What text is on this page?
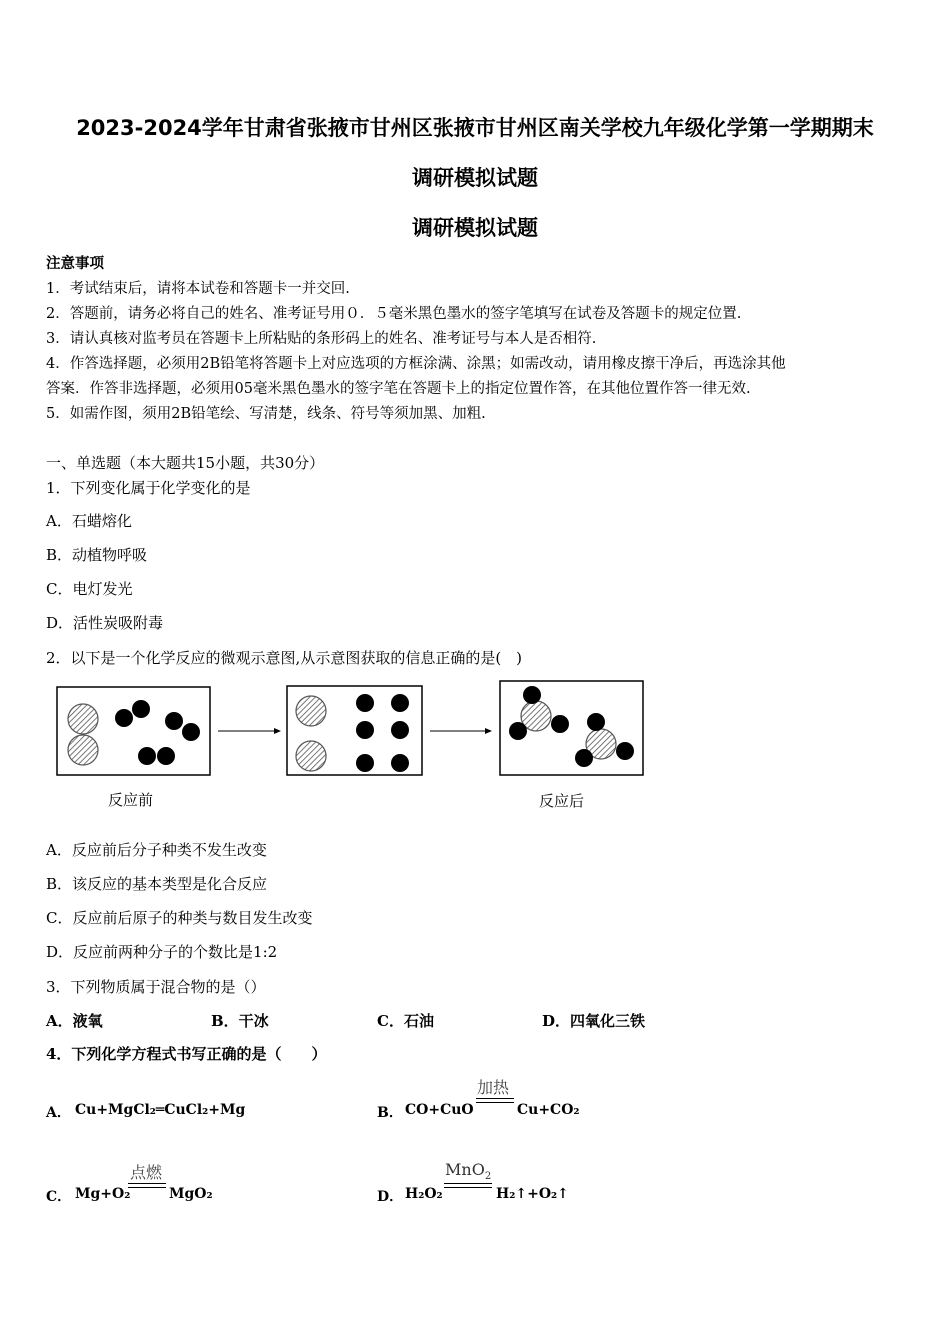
2023-2024学年甘肃省张掖市甘州区张掖市甘州区南关学校九年级化学第一学期期末
调研模拟试题
调研模拟试题
注意事项
1．考试结束后，请将本试卷和答题卡一并交回.
2．答题前，请务必将自己的姓名、准考证号用０．５毫米黑色墨水的签字笔填写在试卷及答题卡的规定位置.
3．请认真核对监考员在答题卡上所粘贴的条形码上的姓名、准考证号与本人是否相符.
4．作答选择题，必须用2B铅笔将答题卡上对应选项的方框涂满、涂黑；如需改动，请用橡皮擦干净后，再选涂其他
答案．作答非选择题，必须用05毫米黑色墨水的签字笔在答题卡上的指定位置作答，在其他位置作答一律无效.
5．如需作图，须用2B铅笔绘、写清楚，线条、符号等须加黑、加粗.
一、单选题（本大题共15小题，共30分）
1．下列变化属于化学变化的是
A．石蜡熔化
B．动植物呼吸
C．电灯发光
D．活性炭吸附毒
2．以下是一个化学反应的微观示意图,从示意图获取的信息正确的是(　)
反应前	反应后
A．反应前后分子种类不发生改变
B．该反应的基本类型是化合反应
C．反应前后原子的种类与数目发生改变
D．反应前两种分子的个数比是1:2
3．下列物质属于混合物的是（）
A．液氧	B．干冰	C．石油	D．四氧化三铁
4．下列化学方程式书写正确的是（　　）
A． Cu+MgCl₂═CuCl₂+Mg	B． CO+CuO
加热
Cu+CO₂
C． Mg+O₂
点燃
MgO₂	D． H₂O₂
MnO$_2$
H₂↑+O₂↑
